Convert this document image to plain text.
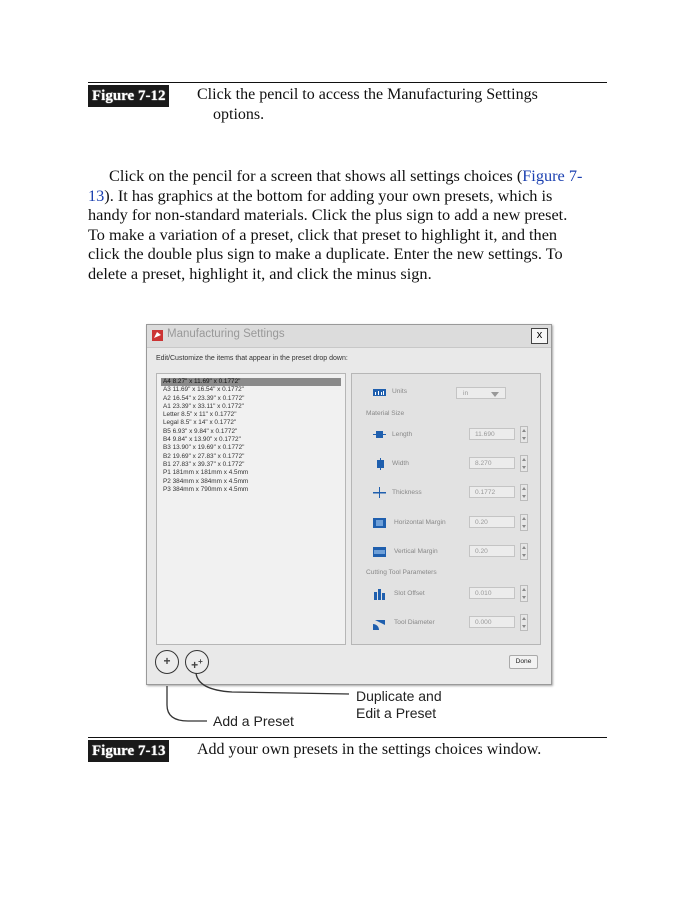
Figure 7-12 Click the pencil to access the Manufacturing Settings
options.
Click on the pencil for a screen that shows all settings choices (Figure 7-
13). It has graphics at the bottom for adding your own presets, which is
handy for non-standard materials. Click the plus sign to add a new preset.
To make a variation of a preset, click that preset to highlight it, and then
click the double plus sign to make a duplicate. Enter the new settings. To
delete a preset, highlight it, and click the minus sign.
Manufacturing Settings	x
Edit/Customize the items that appear in the preset drop down:
A4 8.27" x 11.69" x 0.1772"
A3 11.69" x 16.54" x 0.1772"
A2 16.54" x 23.39" x 0.1772"
A1 23.39" x 33.11" x 0.1772"
Letter 8.5" x 11" x 0.1772"
Legal 8.5" x 14" x 0.1772"
B5 6.93" x 9.84" x 0.1772"
B4 9.84" x 13.90" x 0.1772"
B3 13.90" x 19.69" x 0.1772"
B2 19.69" x 27.83" x 0.1772"
B1 27.83" x 39.37" x 0.1772"
P1 181mm x 181mm x 4.5mm
P2 384mm x 384mm x 4.5mm
P3 384mm x 790mm x 4.5mm
Units	in
Material Size
Length	11.690
Width	8.270
Thickness	0.1772
Horizontal Margin	0.20
Vertical Margin	0.20
Cutting Tool Parameters
Slot Offset	0.010
Tool Diameter	0.000
+	++	Done
Duplicate and
Edit a Preset
Add a Preset
Figure 7-13 Add your own presets in the settings choices window.
